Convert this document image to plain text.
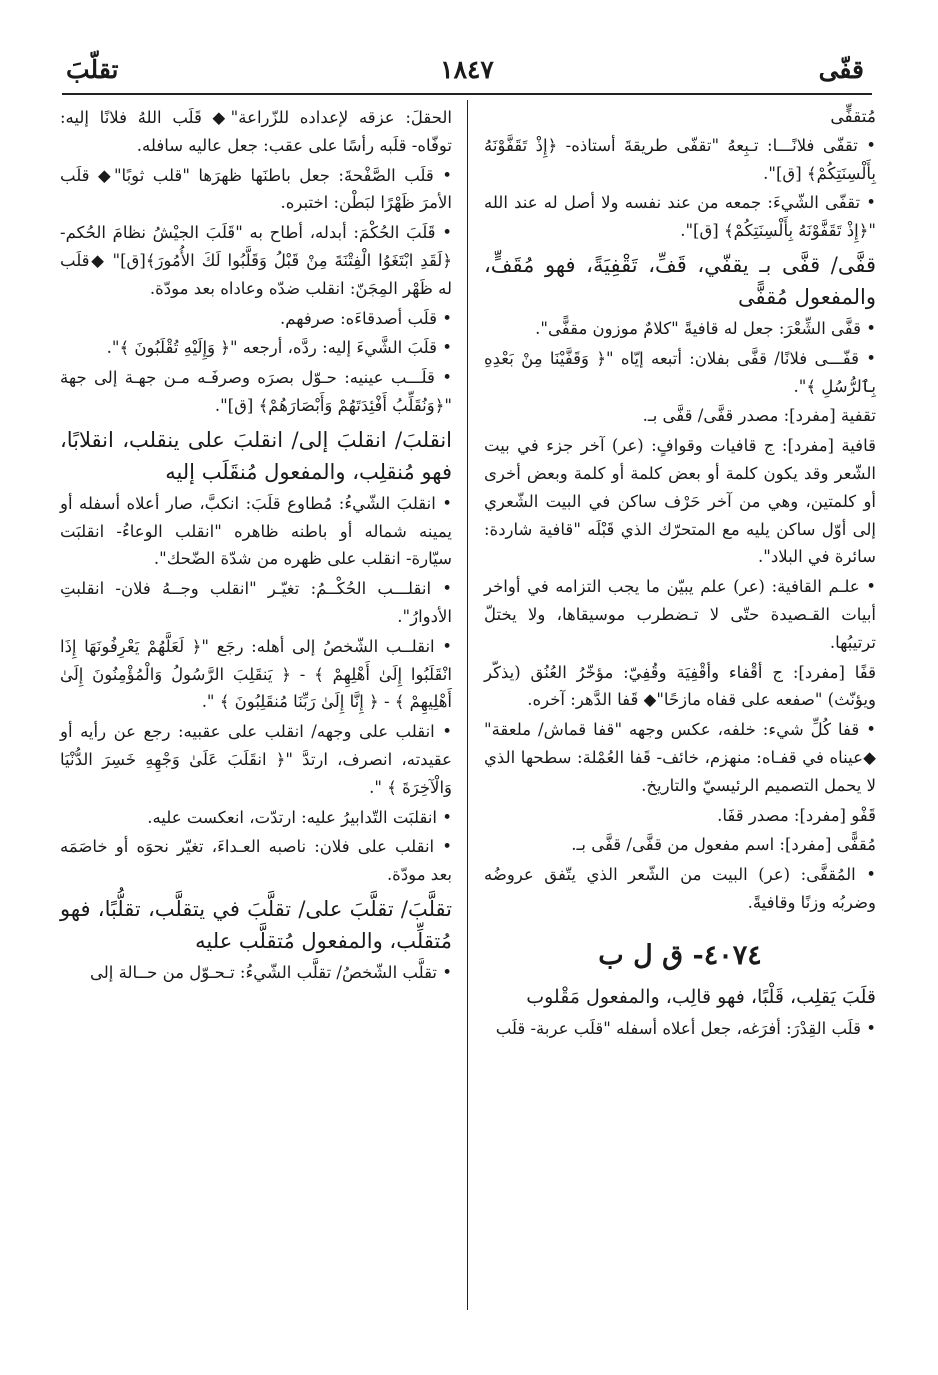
قفّى
١٨٤٧
تقلّبَ

مُتقفٍّى

• تقفّى فلانًـــا: تـبِعهُ "تقفّى طريقةَ أستاذه- ﴿إِذْ تَقَفَّوْنَهُ بِأَلْسِنَتِكُمْ﴾ [ق]".

• تقفّى الشّيءَ: جمعه من عند نفسه ولا أصل له عند الله "﴿إِذْ تَقَفَّوْنَهُ بِأَلْسِنَتِكُمْ﴾ [ق]".

قفَّى/ قفَّى بـ يقفّي، قَفِّ، تَقْفِيَةً، فهو مُقَفٍّ، والمفعول مُقفًّى

• قفَّى الشِّعْرَ: جعل له قافيةً "كلامٌ موزون مقفًّى".

• قفّـــى فلانًا/ قفَّى بفلان: أتبعه إيّاه "﴿ وَقَفَّيْنَا مِنْ بَعْدِهِ بِٱلرُّسُلِ ﴾".

تقفية [مفرد]: مصدر قفَّى/ قفَّى بـ.

قافية [مفرد]: ج قافيات وقوافٍ: (عر) آخر جزء في بيت الشّعر وقد يكون كلمة أو بعض كلمة أو كلمة وبعض أخرى أو كلمتين، وهي من آخر حَرْف ساكن في البيت الشّعري إلى أوّل ساكن يليه مع المتحرّك الذي قَبْلَه "قافية شاردة: سائرة في البلاد".

• علـم القافية: (عر) علم يبيّن ما يجب التزامه في أواخر أبيات القـصيدة حتّى لا تـضطرب موسيقاها، ولا يختلّ ترتيبُها.

قفًا [مفرد]: ج أقْفاء وأقْفِيَة وقُفِيّ: مؤخّرُ العُنُق (يذكّر ويؤنّث) "صفعه على قفاه مازحًا"◆ قَفا الدَّهر: آخره.

• قفا كُلِّ شيء: خلفه، عكس وجهه "قفا قماش/ ملعقة" ◆عيناه في قفـاه: منهزم، خائف- قَفا العُمْلة: سطحها الذي لا يحمل التصميم الرئيسيّ والتاريخ.

قَفْو [مفرد]: مصدر قفَا.

مُقفًّى [مفرد]: اسم مفعول من قفَّى/ قفَّى بـ.

• المُقفَّى: (عر) البيت من الشّعر الذي يتّفق عروضُه وضربُه وزنًا وقافيةً.

٤٠٧٤- ق ل ب

قلَبَ يَقلِب، قَلْبًا، فهو قالِب، والمفعول مَقْلوب

• قلَب القِدْرَ: أفرَغه، جعل أعلاه أسفله "قلَب عربة- قلَب

الحقلَ: عزقه لإعداده للزّراعة"◆ قَلَب اللهُ فلانًا إليه: توفّاه- قلَبه رأسًا على عقب: جعل عاليه سافله.

• قلَب الصَّفْحةَ: جعل باطنَها ظهرَها "قلب ثوبًا"◆ قلَب الأمرَ ظَهْرًا لبَطْن: اختبره.

• قَلَبَ الحُكْمَ: أبدله، أطاح به "قَلَبَ الجيْشُ نظامَ الحُكم- ﴿لَقَدِ ابْتَغَوُا الْفِتْنَةَ مِنْ قَبْلُ وَقَلَّبُوا لَكَ الأُمُورَ﴾[ق]" ◆قلَب له ظَهْر المِجَنّ: انقلب ضدّه وعاداه بعد مودّة.

• قلَب أصدقاءَه: صرفهم.

• قلَبَ الشَّيءَ إليه: ردَّه، أرجعه "﴿ وَإِلَيْهِ تُقْلَبُونَ ﴾".

• قلَـــب عينيه: حـوّل بصرَه وصرفَـه مـن جهـة إلى جهة "﴿وَنُقَلِّبُ أَفْئِدَتَهُمْ وَأَبْصَارَهُمْ﴾ [ق]".

انقلبَ/ انقلبَ إلى/ انقلبَ على ينقلب، انقلابًا، فهو مُنقلِب، والمفعول مُنقَلَب إليه

• انقلبَ الشّيءُ: مُطاوع قلَبَ: انكبَّ، صار أعلاه أسفله أو يمينه شماله أو باطنه ظاهره "انقلب الوعاءُ- انقلبَت سيّارة- انقلب على ظهره من شدّة الضّحك".

• انقلـــب الحُكْــمُ: تغيّـر "انقلب وجــهُ فلان- انقلبتِ الأدوارُ".

• انقلــب الشّخصُ إلى أهله: رجَع "﴿ لَعَلَّهُمْ يَعْرِفُونَهَا إِذَا انْقَلَبُوا إِلَىٰ أَهْلِهِمْ ﴾ - ﴿ يَنقَلِبَ الرَّسُولُ وَالْمُؤْمِنُونَ إِلَىٰ أَهْلِيهِمْ ﴾ - ﴿ إِنَّا إِلَىٰ رَبِّنَا مُنقَلِبُونَ ﴾ ".

• انقلب على وجهه/ انقلب على عقبيه: رجع عن رأيه أو عقيدته، انصرف، ارتدَّ "﴿ انقَلَبَ عَلَىٰ وَجْهِهِ خَسِرَ الدُّنْيَا وَالْآخِرَةَ ﴾ ".

• انقلبَت التّدابيرُ عليه: ارتدّت، انعكست عليه.

• انقلب على فلان: ناصبه العـداءَ، تغيّر نحوَه أو خاصَمَه بعد مودّة.

تقلَّبَ/ تقلَّبَ على/ تقلَّبَ في يتقلَّب، تقلُّبًا، فهو مُتقلِّب، والمفعول مُتقلَّب عليه

• تقلَّب الشّخصُ/ تقلَّب الشّيءُ: تـحـوّل من حــالة إلى
